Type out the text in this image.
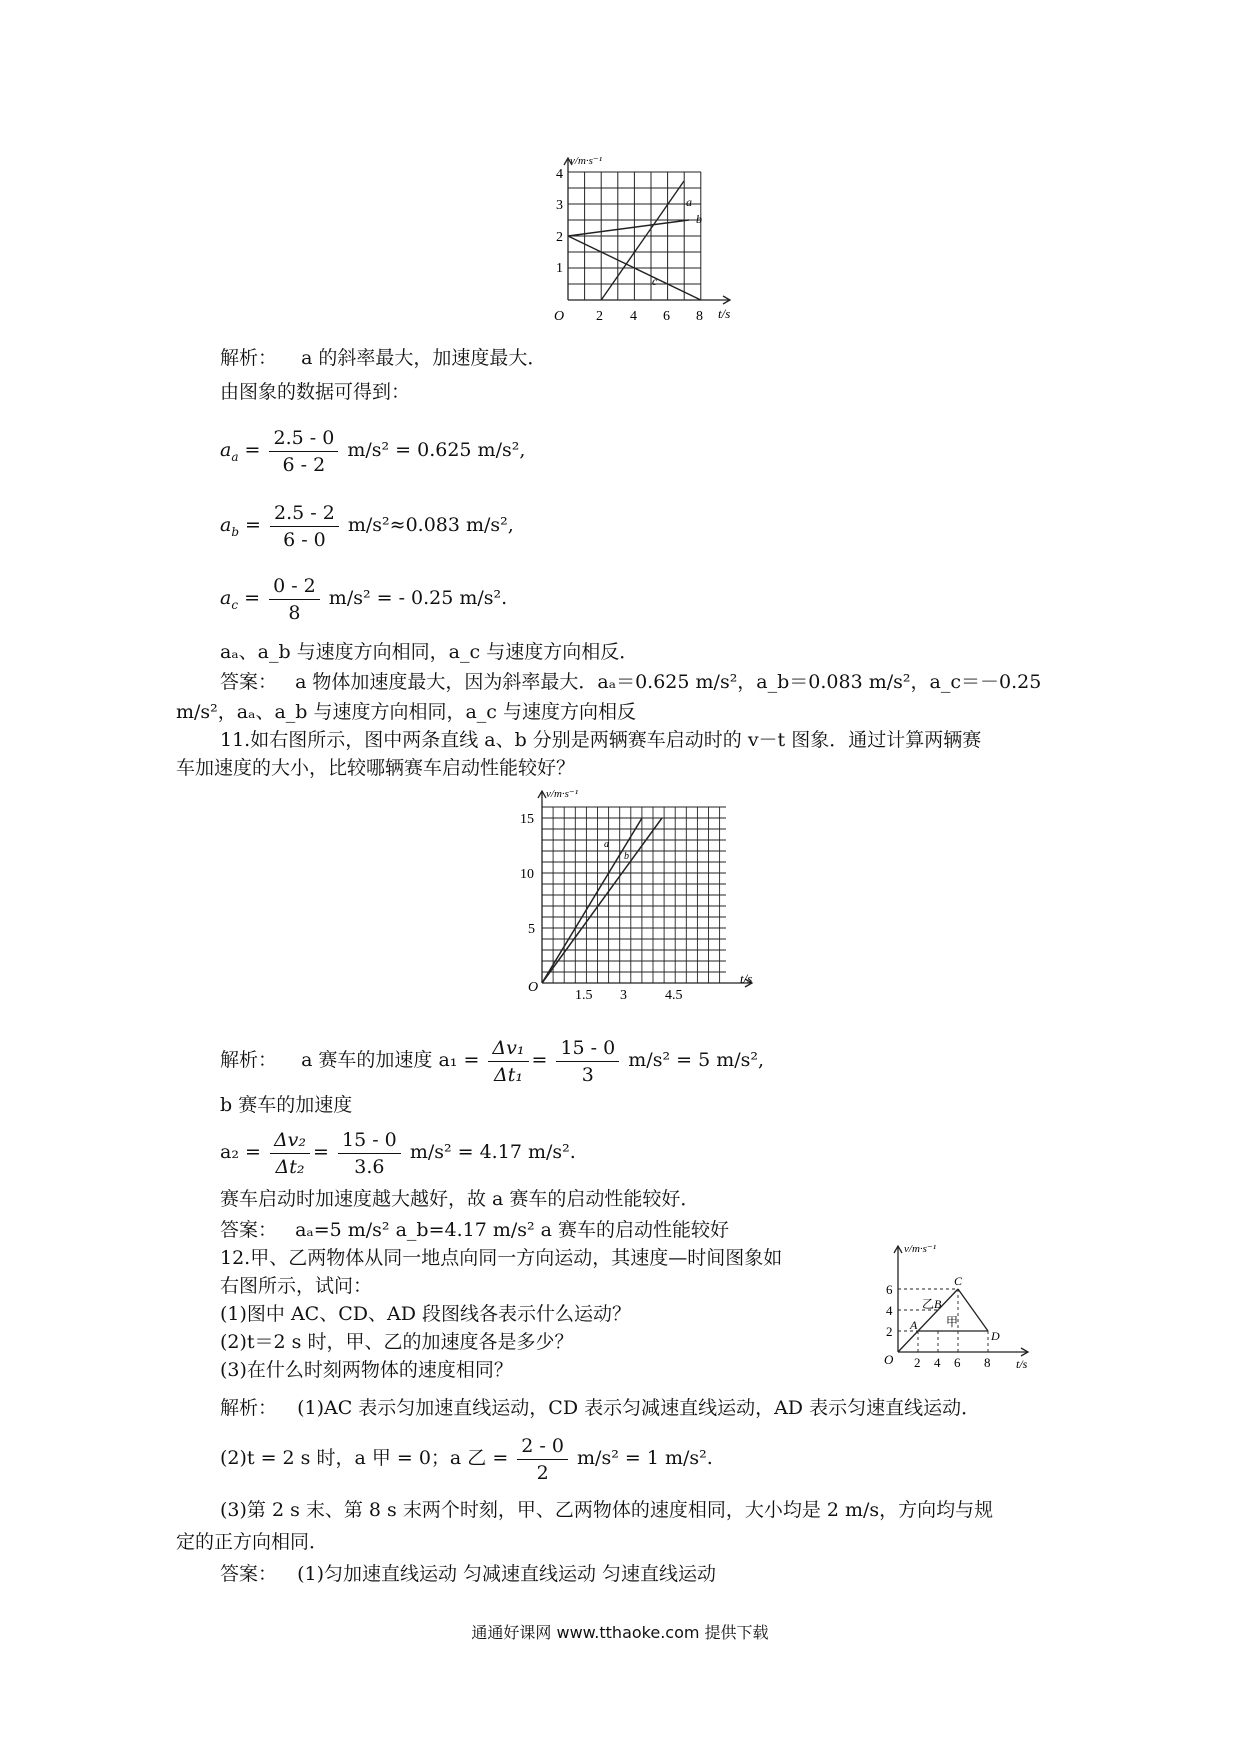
v/m·s⁻¹
t/s
O
1
2
3
4
2 4 6 8
a
b
c
解析： a 的斜率最大，加速度最大．
由图象的数据可得到：
$a_a = \frac{2.5 - 0}{6 - 2} m/s^2 = 0.625$ m/s²,
$a_b = \frac{2.5 - 2}{6 - 0} m/s^2\approx 0.083$ m/s²,
$a_c = \frac{0 - 2}{8} m/s^2$ = - 0.25 m/s².
aₐ、a_b 与速度方向相同，a_c 与速度方向相反．
答案： a 物体加速度最大，因为斜率最大．aₐ＝0.625 m/s²，a_b＝0.083 m/s²，a_c＝－0.25
m/s²，aₐ、a_b 与速度方向相同，a_c 与速度方向相反
11.如右图所示，图中两条直线 a、b 分别是两辆赛车启动时的 v－t 图象．通过计算两辆赛
车加速度的大小，比较哪辆赛车启动性能较好？
v/m·s⁻¹
t/s
O
5
10
15
1.5 3	4.5
a
b
解析： a 赛车的加速度 $a_1 = \frac{\text{Δv₁}}{\text{Δt₁}} = \frac{15 - 0}{3} m/s^2 = 5$ m/s²,
b 赛车的加速度
$a_2 = \frac{\text{Δv₂}}{\text{Δt₂}} = \frac{15 - 0}{3.6} m/s^2 = 4.17$ m/s².
赛车启动时加速度越大越好，故 a 赛车的启动性能较好．
答案： aₐ=5 m/s² a_b=4.17 m/s² a 赛车的启动性能较好
12.甲、乙两物体从同一地点向同一方向运动，其速度—时间图象如
右图所示，试问：
(1)图中 AC、CD、AD 段图线各表示什么运动？
(2)t＝2 s 时，甲、乙的加速度各是多少？
(3)在什么时刻两物体的速度相同？
v/m·s⁻¹
t/s
O
2
4
6
2 4 6 8
A
B
C
D
乙
甲
解析： (1)AC 表示匀加速直线运动，CD 表示匀减速直线运动，AD 表示匀速直线运动．
(2)t = 2 s 时，a 甲 = 0；a 乙 = $\frac{2 - 0}{2} m/s^2 = 1$ m/s².
(3)第 2 s 末、第 8 s 末两个时刻，甲、乙两物体的速度相同，大小均是 2 m/s，方向均与规
定的正方向相同．
答案： (1)匀加速直线运动 匀减速直线运动 匀速直线运动
通通好课网 www.tthaoke.com 提供下载
